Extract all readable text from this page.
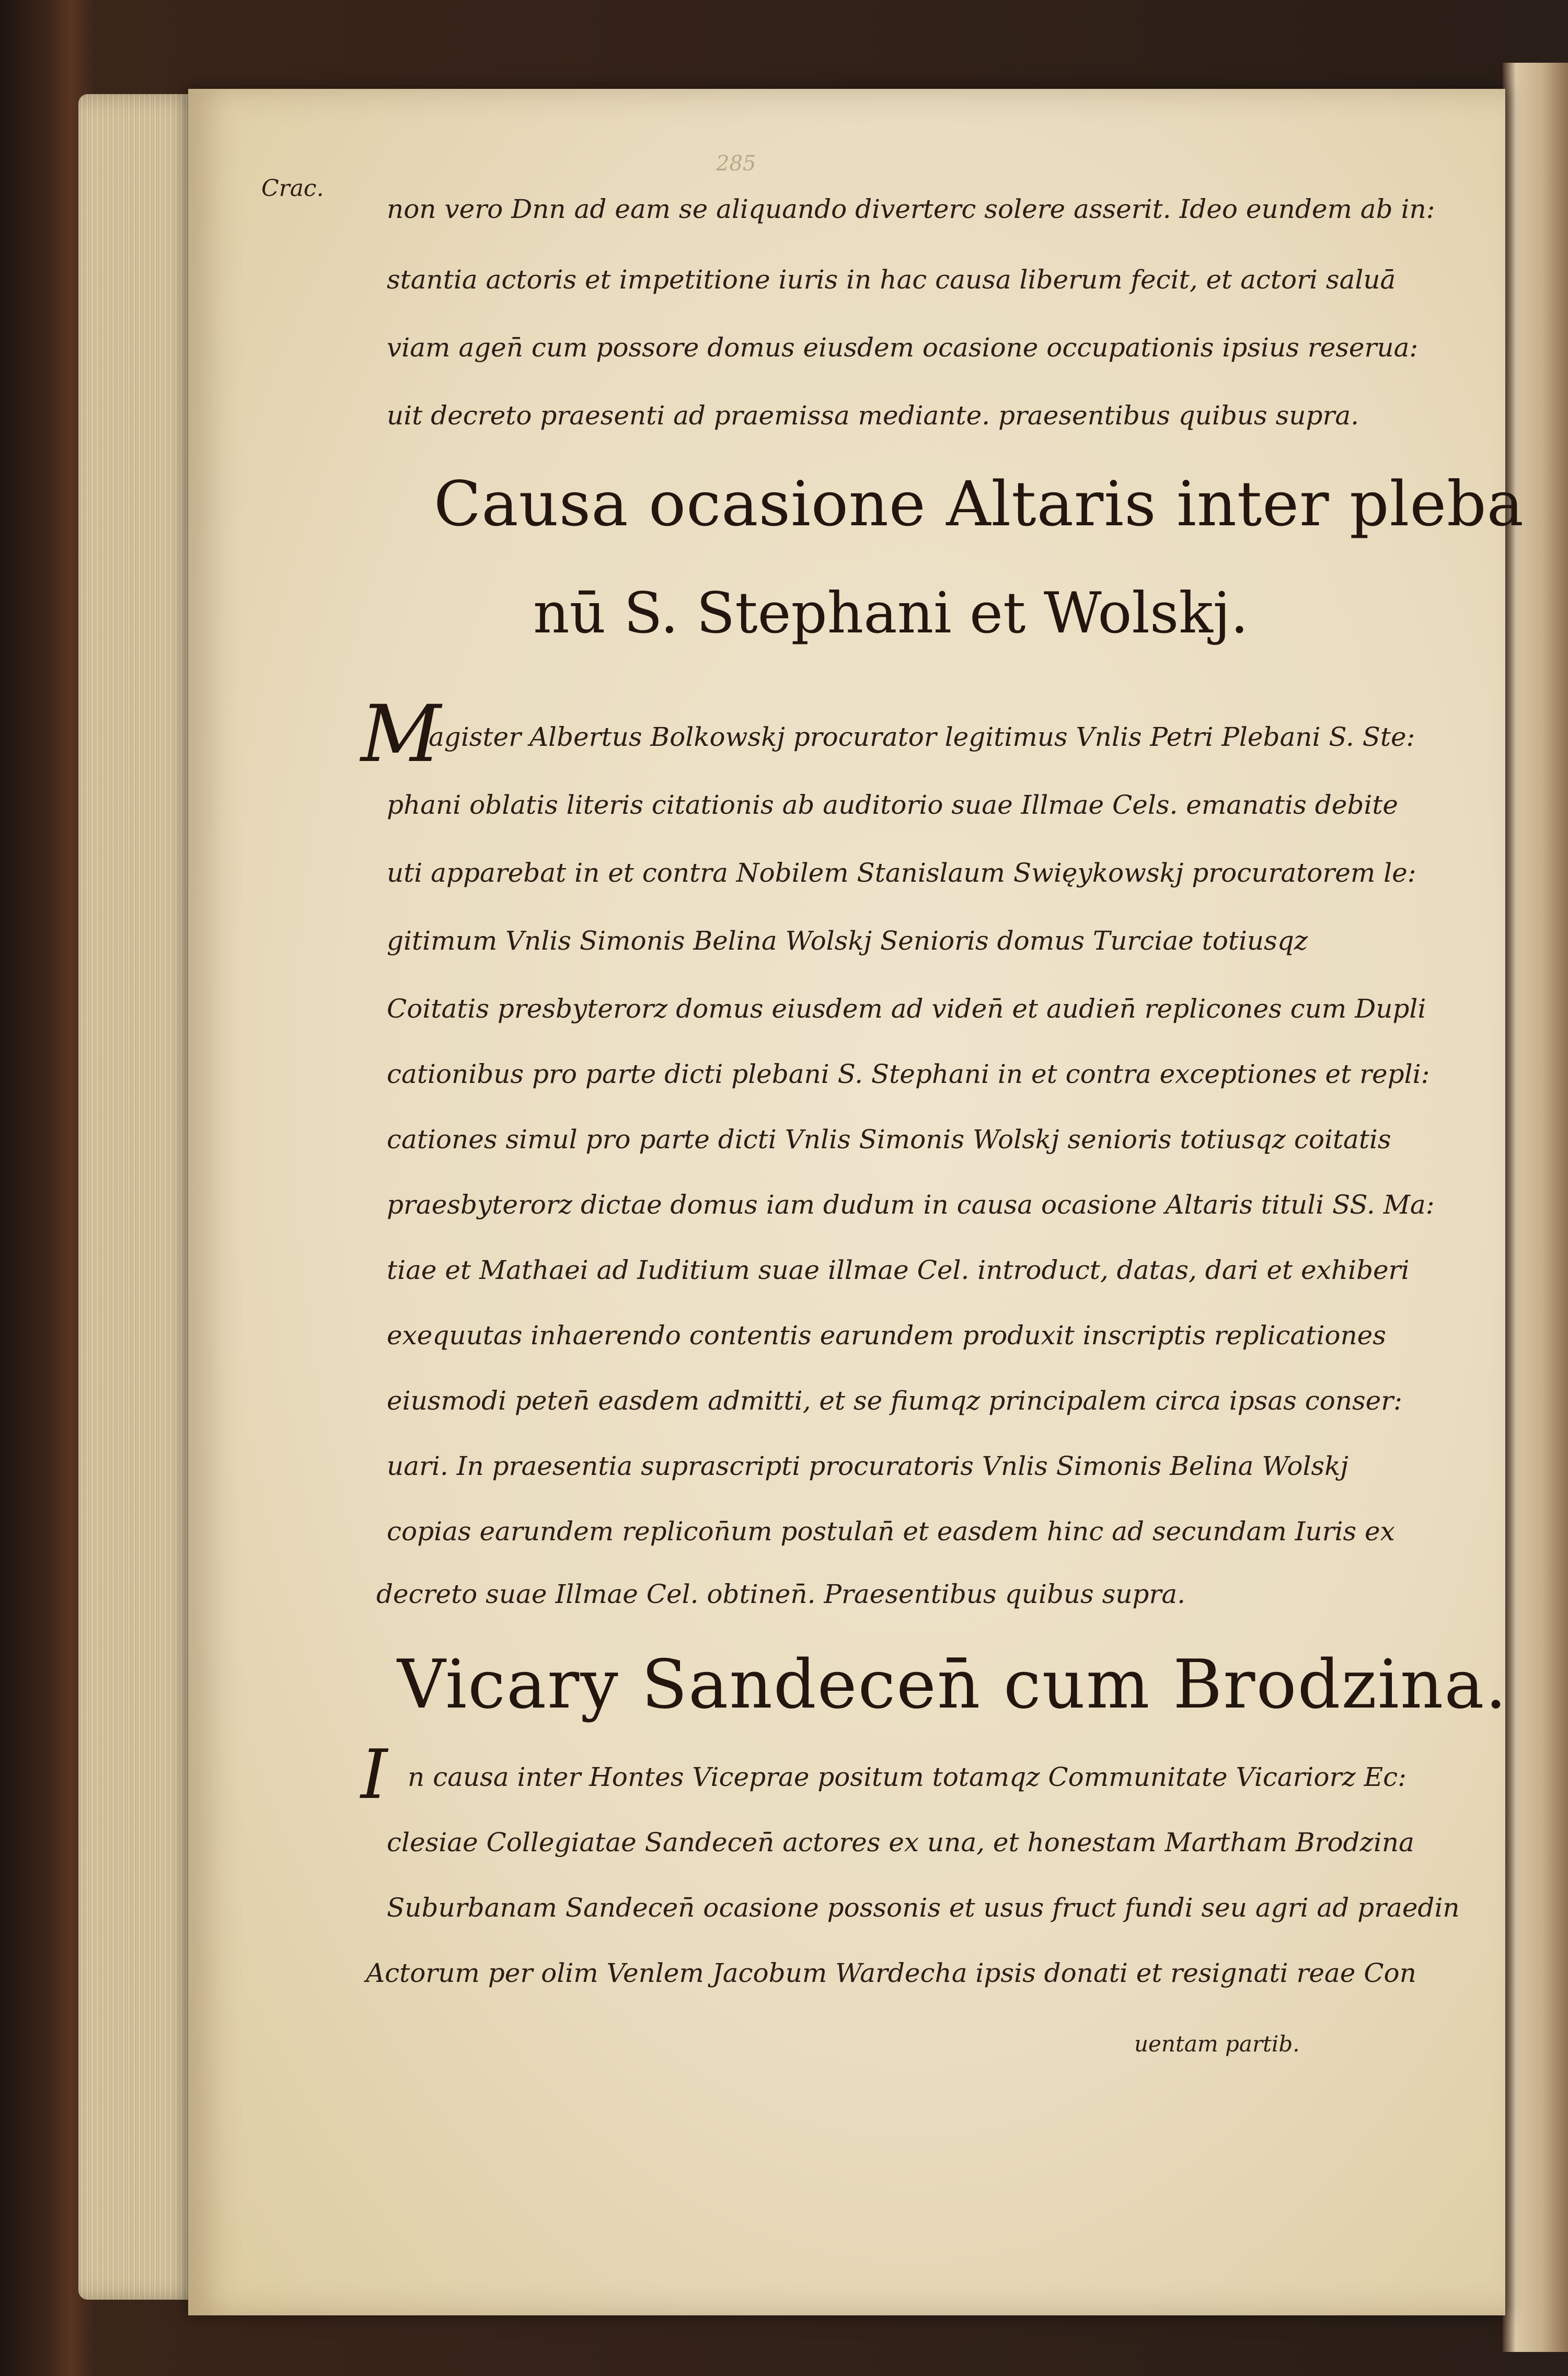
Crac.
285
non vero Dnn ad eam se aliquando diverterc solere asserit. Ideo eundem ab in:
stantia actoris et impetitione iuris in hac causa liberum fecit, et actori saluā
viam agen̄ cum possore domus eiusdem ocasione occupationis ipsius reserua:
uit decreto praesenti ad praemissa mediante. praesentibus quibus supra.
Causa ocasione Altaris inter pleba
nū S. Stephani et Wolskj.
M
agister Albertus Bolkowskj procurator legitimus Vnlis Petri Plebani S. Ste:
phani oblatis literis citationis ab auditorio suae Illmae Cels. emanatis debite
uti apparebat in et contra Nobilem Stanislaum Swięykowskj procuratorem le:
gitimum Vnlis Simonis Belina Wolskj Senioris domus Turciae totiusqz
Coitatis presbyterorz domus eiusdem ad viden̄ et audien̄ replicones cum Dupli
cationibus pro parte dicti plebani S. Stephani in et contra exceptiones et repli:
cationes simul pro parte dicti Vnlis Simonis Wolskj senioris totiusqz coitatis
praesbyterorz dictae domus iam dudum in causa ocasione Altaris tituli SS. Ma:
tiae et Mathaei ad Iuditium suae illmae Cel. introduct, datas, dari et exhiberi
exequutas inhaerendo contentis earundem produxit inscriptis replicationes
eiusmodi peten̄ easdem admitti, et se fiumqz principalem circa ipsas conser:
uari. In praesentia suprascripti procuratoris Vnlis Simonis Belina Wolskj
copias earundem replicon̄um postulan̄ et easdem hinc ad secundam Iuris ex
decreto suae Illmae Cel. obtinen̄. Praesentibus quibus supra.
Vicary Sandecen̄ cum Brodzina.
I n causa inter Hontes Viceprae positum totamqz Communitate Vicariorz Ec:
clesiae Collegiatae Sandecen̄ actores ex una, et honestam Martham Brodzina
Suburbanam Sandecen̄ ocasione possonis et usus fruct fundi seu agri ad praedin
Actorum per olim Venlem Jacobum Wardecha ipsis donati et resignati reae Con
uentam partib.
